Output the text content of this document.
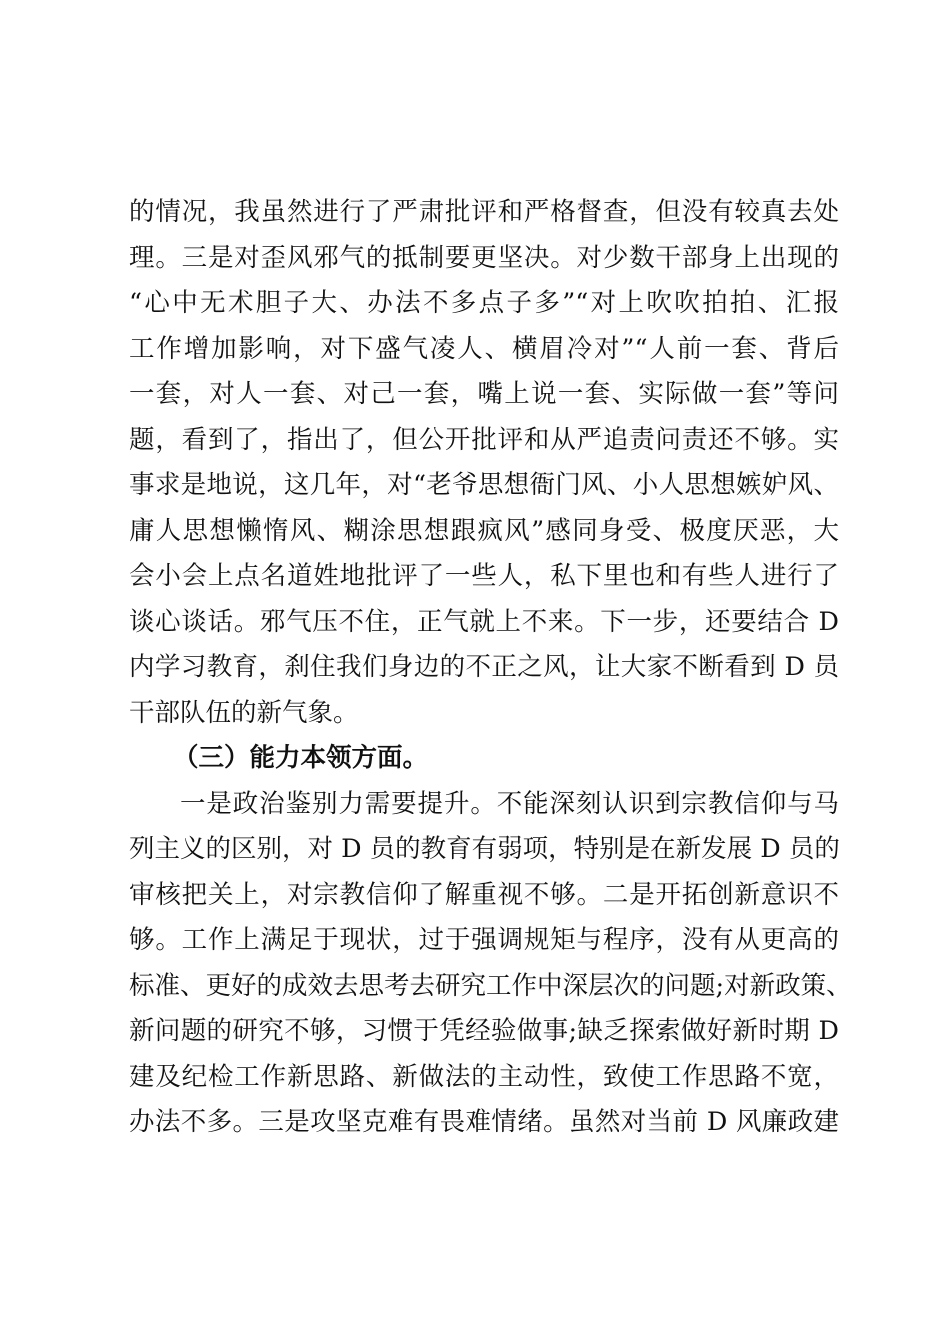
的情况，我虽然进行了严肃批评和严格督查，但没有较真去处
理。三是对歪风邪气的抵制要更坚决。对少数干部身上出现的
“心中无术胆子大、办法不多点子多”“对上吹吹拍拍、汇报
工作增加影响，对下盛气凌人、横眉冷对”“人前一套、背后
一套，对人一套、对己一套，嘴上说一套、实际做一套”等问
题，看到了，指出了，但公开批评和从严追责问责还不够。实
事求是地说，这几年，对“老爷思想衙门风、小人思想嫉妒风、
庸人思想懒惰风、糊涂思想跟疯风”感同身受、极度厌恶，大
会小会上点名道姓地批评了一些人，私下里也和有些人进行了
谈心谈话。邪气压不住，正气就上不来。下一步，还要结合 D
内学习教育，刹住我们身边的不正之风，让大家不断看到 D 员
干部队伍的新气象。
（三）能力本领方面。
一是政治鉴别力需要提升。不能深刻认识到宗教信仰与马
列主义的区别，对 D 员的教育有弱项，特别是在新发展 D 员的
审核把关上，对宗教信仰了解重视不够。二是开拓创新意识不
够。工作上满足于现状，过于强调规矩与程序，没有从更高的
标准、更好的成效去思考去研究工作中深层次的问题;对新政策、
新问题的研究不够，习惯于凭经验做事;缺乏探索做好新时期 D
建及纪检工作新思路、新做法的主动性，致使工作思路不宽，
办法不多。三是攻坚克难有畏难情绪。虽然对当前 D 风廉政建
